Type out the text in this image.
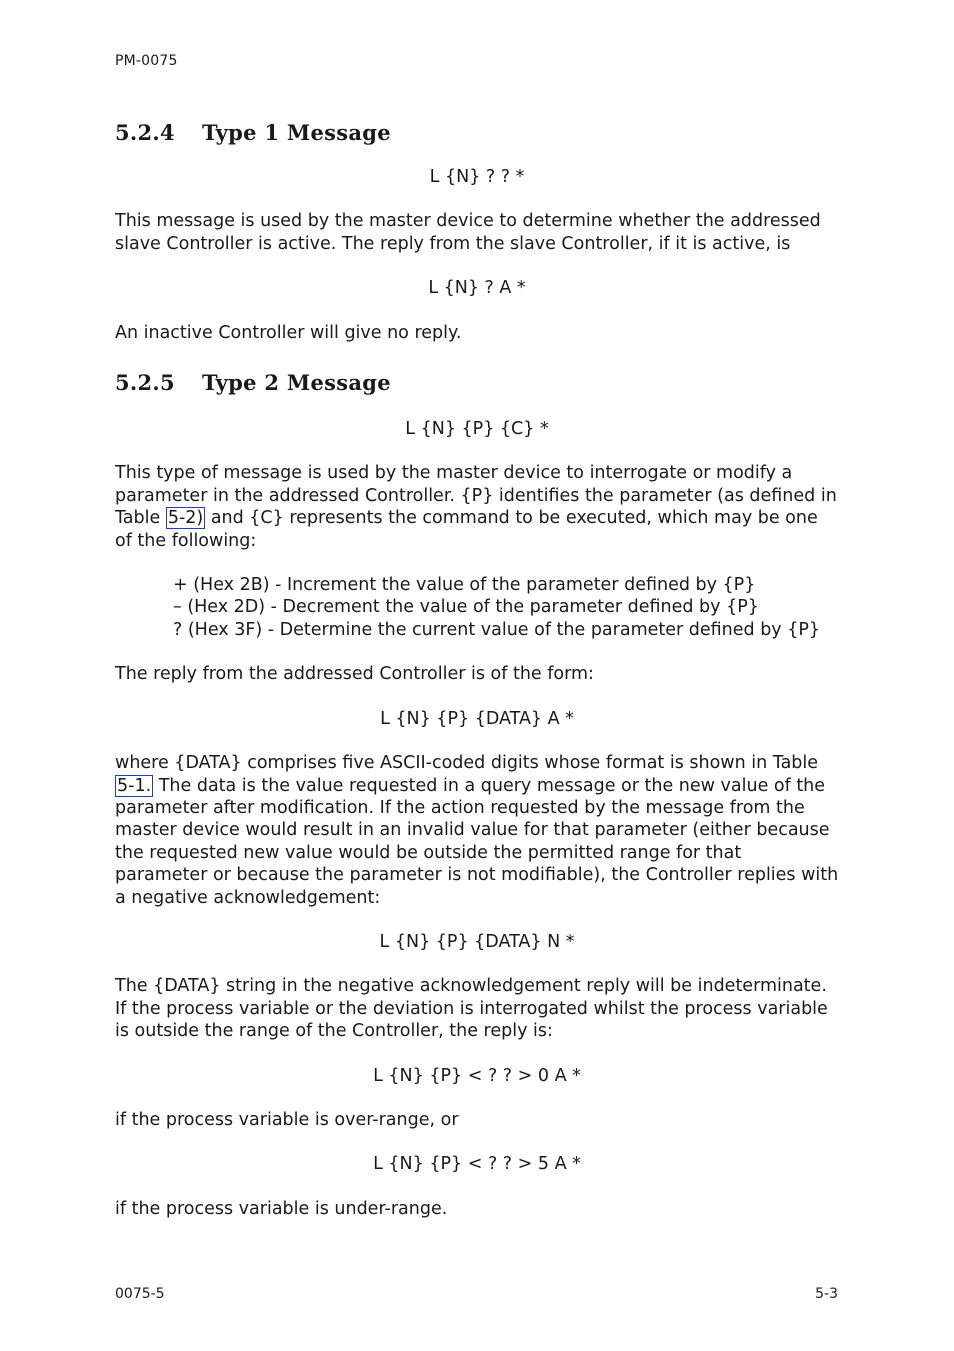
PM-0075
5.2.4 Type 1 Message
L {N} ? ? *

This message is used by the master device to determine whether the addressed slave Controller is active. The reply from the slave Controller, if it is active, is

L {N} ? A *

An inactive Controller will give no reply.

5.2.5 Type 2 Message
L {N} {P} {C} *

This type of message is used by the master device to interrogate or modify a parameter in the addressed Controller. {P} identifies the parameter (as defined in Table 5-2) and {C} represents the command to be executed, which may be one of the following:

+ (Hex 2B) - Increment the value of the parameter defined by {P}
– (Hex 2D) - Decrement the value of the parameter defined by {P}
? (Hex 3F) - Determine the current value of the parameter defined by {P}

The reply from the addressed Controller is of the form:

L {N} {P} {DATA} A *

where {DATA} comprises five ASCII-coded digits whose format is shown in Table 5-1. The data is the value requested in a query message or the new value of the parameter after modification. If the action requested by the message from the master device would result in an invalid value for that parameter (either because the requested new value would be outside the permitted range for that parameter or because the parameter is not modifiable), the Controller replies with a negative acknowledgement:

L {N} {P} {DATA} N *

The {DATA} string in the negative acknowledgement reply will be indeterminate. If the process variable or the deviation is interrogated whilst the process variable is outside the range of the Controller, the reply is:

L {N} {P} < ? ? > 0 A *

if the process variable is over-range, or

L {N} {P} < ? ? > 5 A *

if the process variable is under-range.

0075-5	5-3
